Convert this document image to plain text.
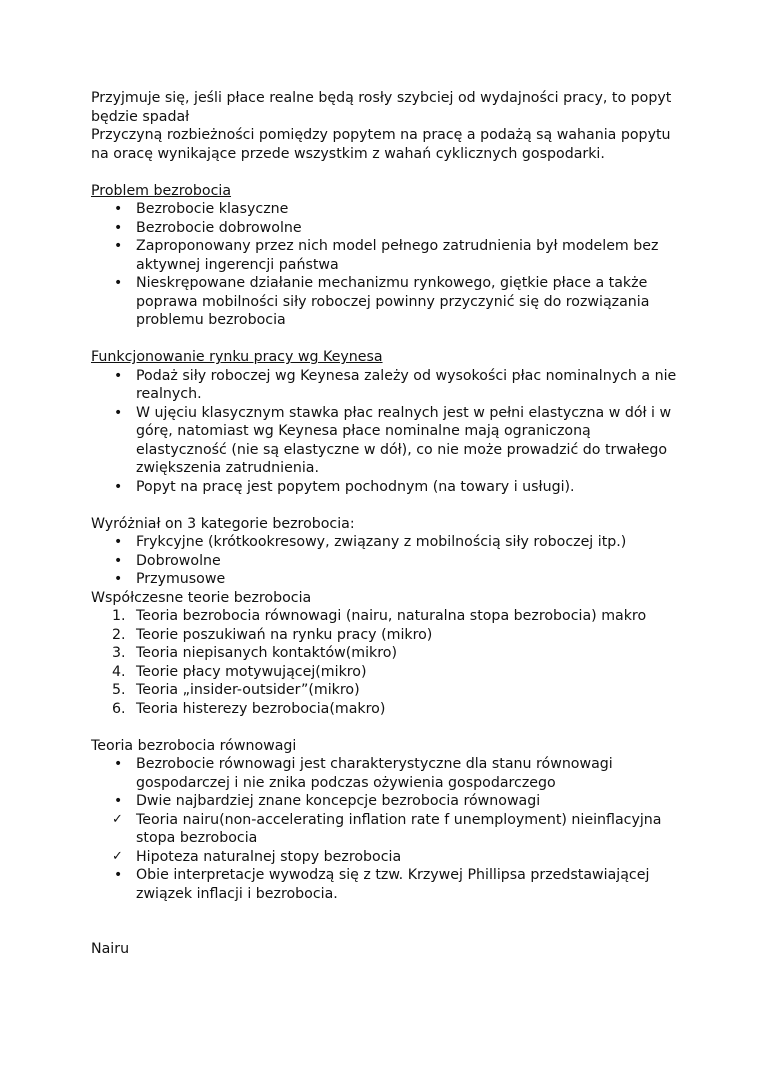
Przyjmuje się, jeśli płace realne będą rosły szybciej od wydajności pracy, to popyt będzie spadał

Przyczyną rozbieżności pomiędzy popytem na pracę a podażą są wahania popytu na oracę wynikające przede wszystkim z wahań cyklicznych gospodarki.

Problem bezrobocia

• Bezrobocie klasyczne
• Bezrobocie dobrowolne
• Zaproponowany przez nich model pełnego zatrudnienia był modelem bez aktywnej ingerencji państwa
• Nieskrępowane działanie mechanizmu rynkowego, giętkie płace a także poprawa mobilności siły roboczej powinny przyczynić się do rozwiązania problemu bezrobocia

Funkcjonowanie rynku pracy wg Keynesa

• Podaż siły roboczej wg Keynesa zależy od wysokości płac nominalnych a nie realnych.
• W ujęciu klasycznym stawka płac realnych jest w pełni elastyczna w dół i w górę, natomiast wg Keynesa płace nominalne mają ograniczoną elastyczność (nie są elastyczne w dół), co nie może prowadzić do trwałego zwiększenia zatrudnienia.
• Popyt na pracę jest popytem pochodnym (na towary i usługi).

Wyróżniał on 3 kategorie bezrobocia:

• Frykcyjne (krótkookresowy, związany z mobilnością siły roboczej itp.)
• Dobrowolne
• Przymusowe

Współczesne teorie bezrobocia

1. Teoria bezrobocia równowagi (nairu, naturalna stopa bezrobocia) makro
2. Teorie poszukiwań na rynku pracy (mikro)
3. Teoria niepisanych kontaktów(mikro)
4. Teorie płacy motywującej(mikro)
5. Teoria „insider-outsider”(mikro)
6. Teoria histerezy bezrobocia(makro)

Teoria bezrobocia równowagi

• Bezrobocie równowagi jest charakterystyczne dla stanu równowagi gospodarczej i nie znika podczas ożywienia gospodarczego
• Dwie najbardziej znane koncepcje bezrobocia równowagi
✓ Teoria nairu(non-accelerating inflation rate f unemployment) nieinflacyjna stopa bezrobocia
✓ Hipoteza naturalnej stopy bezrobocia
• Obie interpretacje wywodzą się z tzw. Krzywej Phillipsa przedstawiającej związek inflacji i bezrobocia.

Nairu
